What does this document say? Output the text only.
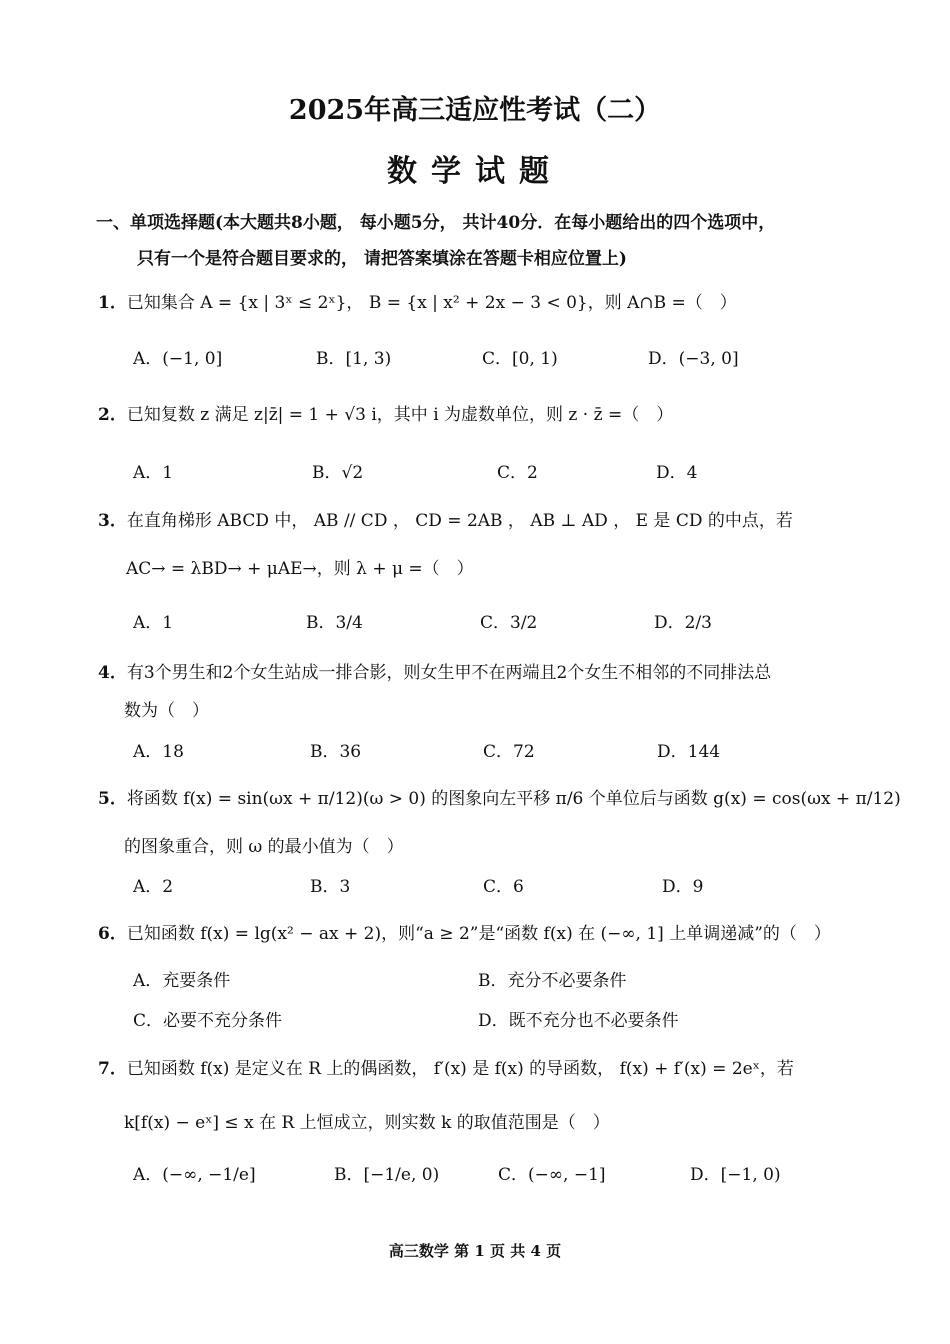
2025年高三适应性考试（二）
数学试题
一、单项选择题(本大题共8小题， 每小题5分， 共计40分．在每小题给出的四个选项中，
只有一个是符合题目要求的， 请把答案填涂在答题卡相应位置上)
1．已知集合 A = {x | 3ˣ ≤ 2ˣ}， B = {x | x² + 2x − 3 < 0}，则 A∩B =（　）
A．(−1, 0]	B．[1, 3)	C．[0, 1)	D．(−3, 0]
2．已知复数 z 满足 z|z̄| = 1 + √3 i，其中 i 为虚数单位，则 z · z̄ =（　）
A．1	B．√2	C．2	D．4
3．在直角梯形 ABCD 中， AB // CD ， CD = 2AB ， AB ⊥ AD ， E 是 CD 的中点，若
AC→ = λBD→ + μAE→，则 λ + μ =（　）
A．1	B．3/4	C．3/2	D．2/3
4．有3个男生和2个女生站成一排合影，则女生甲不在两端且2个女生不相邻的不同排法总
数为（　）
A．18	B．36	C．72	D．144
5．将函数 f(x) = sin(ωx + π/12)(ω > 0) 的图象向左平移 π/6 个单位后与函数 g(x) = cos(ωx + π/12)
的图象重合，则 ω 的最小值为（　）
A．2	B．3	C．6	D．9
6．已知函数 f(x) = lg(x² − ax + 2)，则“a ≥ 2”是“函数 f(x) 在 (−∞, 1] 上单调递减”的（　）
A．充要条件	B．充分不必要条件
C．必要不充分条件	D．既不充分也不必要条件
7．已知函数 f(x) 是定义在 R 上的偶函数， f′(x) 是 f(x) 的导函数， f(x) + f′(x) = 2eˣ，若
k[f(x) − eˣ] ≤ x 在 R 上恒成立，则实数 k 的取值范围是（　）
A．(−∞, −1/e]	B．[−1/e, 0)	C．(−∞, −1]	D．[−1, 0)
高三数学 第 1 页 共 4 页
